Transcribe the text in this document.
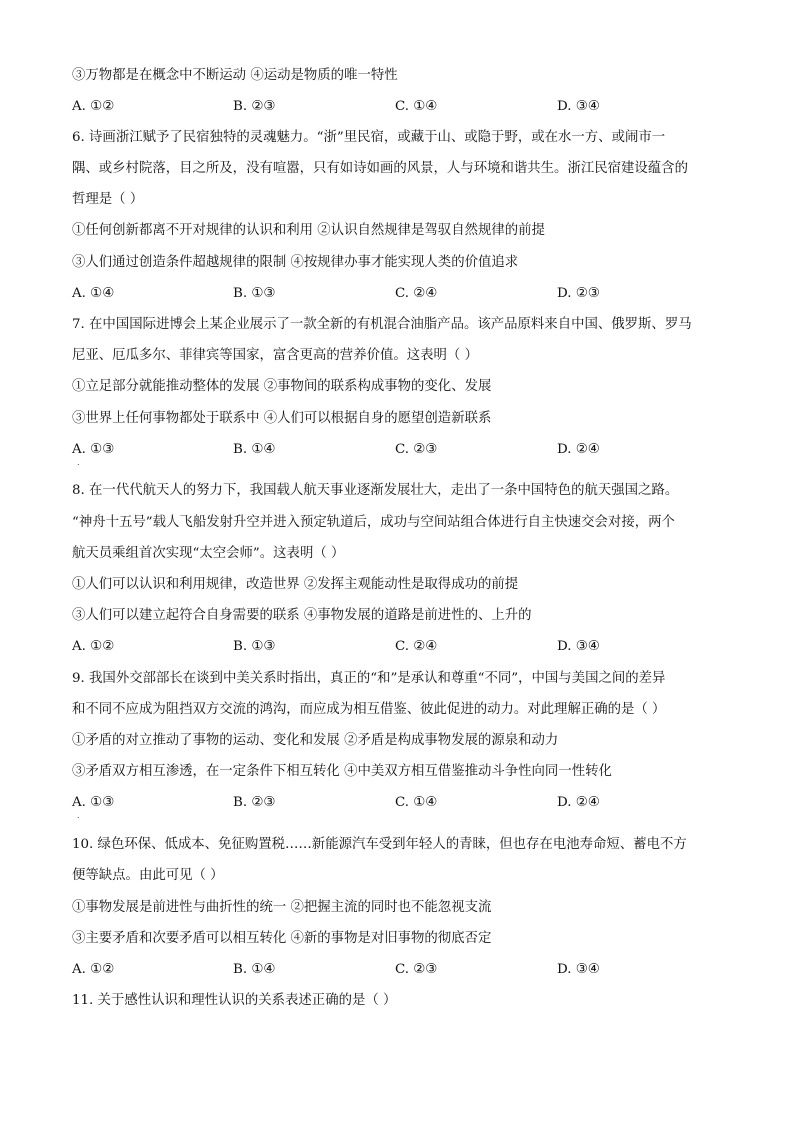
③万物都是在概念中不断运动 ④运动是物质的唯一特性
A. ①②	B. ②③	C. ①④	D. ③④
6. 诗画浙江赋予了民宿独特的灵魂魅力。“浙”里民宿，或藏于山、或隐于野，或在水一方、或闹市一
隅、或乡村院落，目之所及，没有喧嚣，只有如诗如画的风景，人与环境和谐共生。浙江民宿建设蕴含的
哲理是（ ）
①任何创新都离不开对规律的认识和利用 ②认识自然规律是驾驭自然规律的前提
③人们通过创造条件超越规律的限制 ④按规律办事才能实现人类的价值追求
A. ①④	B. ①③	C. ②④	D. ②③
7. 在中国国际进博会上某企业展示了一款全新的有机混合油脂产品。该产品原料来自中国、俄罗斯、罗马
尼亚、厄瓜多尔、菲律宾等国家，富含更高的营养价值。这表明（ ）
①立足部分就能推动整体的发展 ②事物间的联系构成事物的变化、发展
③世界上任何事物都处于联系中 ④人们可以根据自身的愿望创造新联系
A. ①③	B. ①④	C. ②③	D. ②④
.
8. 在一代代航天人的努力下，我国载人航天事业逐渐发展壮大，走出了一条中国特色的航天强国之路。
“神舟十五号”载人飞船发射升空并进入预定轨道后，成功与空间站组合体进行自主快速交会对接，两个
航天员乘组首次实现“太空会师”。这表明（ ）
①人们可以认识和利用规律，改造世界 ②发挥主观能动性是取得成功的前提
③人们可以建立起符合自身需要的联系 ④事物发展的道路是前进性的、上升的
A. ①②	B. ①③	C. ②④	D. ③④
9. 我国外交部部长在谈到中美关系时指出，真正的“和”是承认和尊重“不同”，中国与美国之间的差异
和不同不应成为阻挡双方交流的鸿沟，而应成为相互借鉴、彼此促进的动力。对此理解正确的是（ ）
①矛盾的对立推动了事物的运动、变化和发展 ②矛盾是构成事物发展的源泉和动力
③矛盾双方相互渗透，在一定条件下相互转化 ④中美双方相互借鉴推动斗争性向同一性转化
A. ①③	B. ②③	C. ①④	D. ②④
.
10. 绿色环保、低成本、免征购置税……新能源汽车受到年轻人的青睐，但也存在电池寿命短、蓄电不方
便等缺点。由此可见（ ）
①事物发展是前进性与曲折性的统一 ②把握主流的同时也不能忽视支流
③主要矛盾和次要矛盾可以相互转化 ④新的事物是对旧事物的彻底否定
A. ①②	B. ①④	C. ②③	D. ③④
11. 关于感性认识和理性认识的关系表述正确的是（ ）
